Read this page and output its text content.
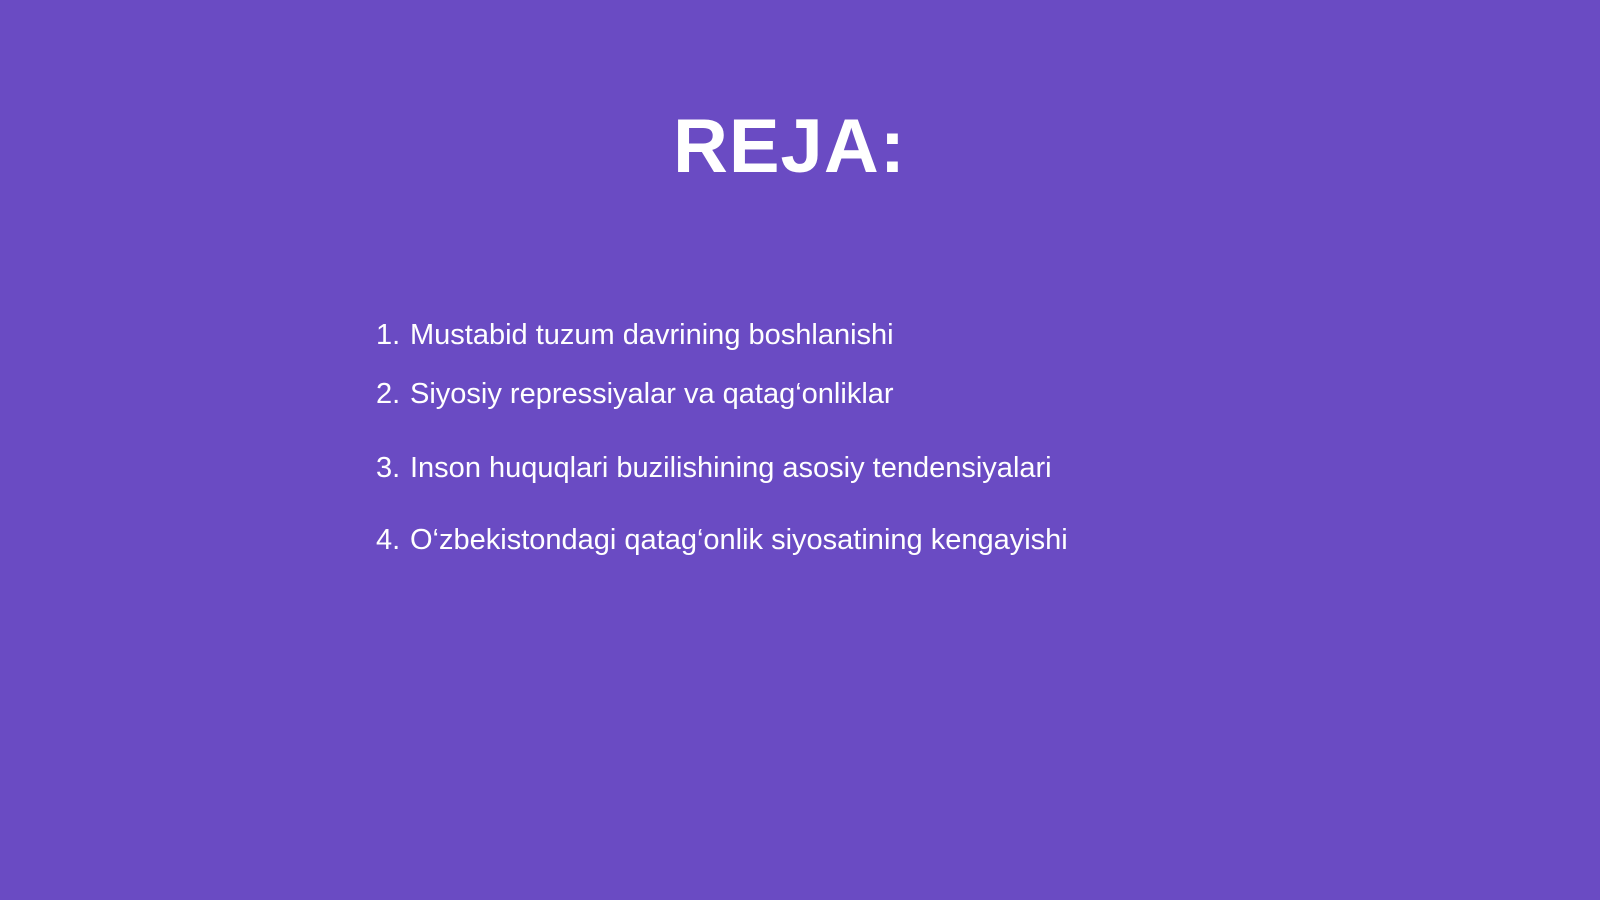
REJA:
1. Mustabid tuzum davrining boshlanishi
2. Siyosiy repressiyalar va qatag‘onliklar
3. Inson huquqlari buzilishining asosiy tendensiyalari
4. O‘zbekistondagi qatag‘onlik siyosatining kengayishi
